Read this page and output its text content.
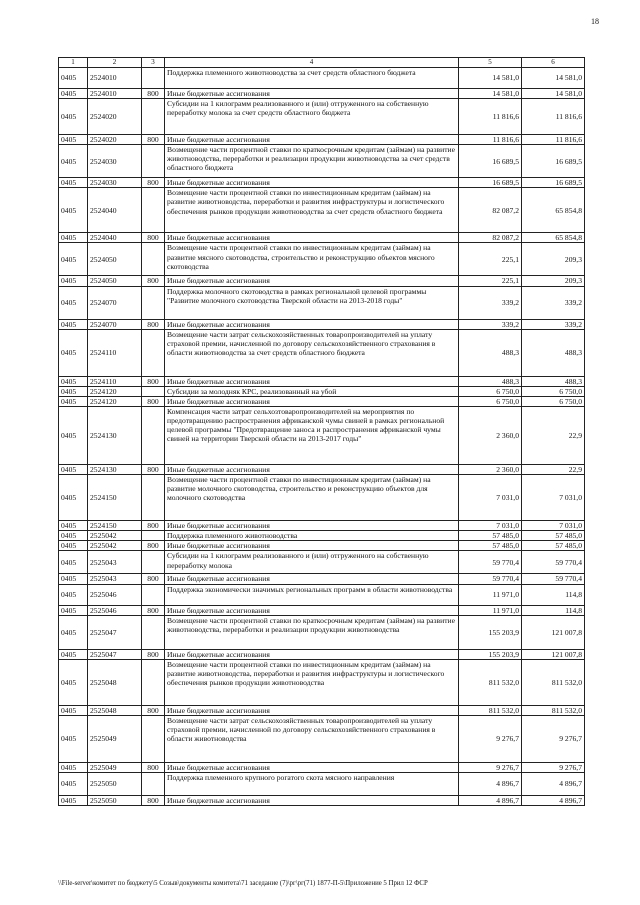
18
1	2	3	4	5	6
0405	2524010		Поддержка племенного животноводства за счет средств областного бюджета	14 581,0	14 581,0
0405	2524010	800	Иные бюджетные ассигнования	14 581,0	14 581,0
0405	2524020		Субсидии на 1 килограмм реализованного и (или) отгруженного на собственную переработку молока за счет средств областного бюджета	11 816,6	11 816,6
0405	2524020	800	Иные бюджетные ассигнования	11 816,6	11 816,6
0405	2524030		Возмещение части процентной ставки по краткосрочным кредитам (займам) на развитие животноводства, переработки и реализации продукции животноводства за счет средств областного бюджета	16 689,5	16 689,5
0405	2524030	800	Иные бюджетные ассигнования	16 689,5	16 689,5
0405	2524040		Возмещение части процентной ставки по инвестиционным кредитам (займам) на развитие животноводства, переработки и развития инфраструктуры и логистического обеспечения рынков продукции животноводства за счет средств областного бюджета	82 087,2	65 854,8
0405	2524040	800	Иные бюджетные ассигнования	82 087,2	65 854,8
0405	2524050		Возмещение части процентной ставки по инвестиционным кредитам (займам) на развитие мясного скотоводства, строительство и реконструкцию объектов мясного скотоводства	225,1	209,3
0405	2524050	800	Иные бюджетные ассигнования	225,1	209,3
0405	2524070		Поддержка молочного скотоводства в рамках региональной целевой программы "Развитие молочного скотоводства Тверской области на 2013-2018 годы"	339,2	339,2
0405	2524070	800	Иные бюджетные ассигнования	339,2	339,2
0405	2524110		Возмещение части затрат сельскохозяйственных товаропроизводителей на уплату страховой премии, начисленной по договору сельскохозяйственного страхования в области животноводства за счет средств областного бюджета	488,3	488,3
0405	2524110	800	Иные бюджетные ассигнования	488,3	488,3
0405	2524120		Субсидии за молодняк КРС, реализованный на убой	6 750,0	6 750,0
0405	2524120	800	Иные бюджетные ассигнования	6 750,0	6 750,0
0405	2524130		Компенсация части затрат сельхозтоваропроизводителей на мероприятия по предотвращению распространения африканской чумы свиней в рамках региональной целевой программы "Предотвращение заноса и распространения африканской чумы свиней на территории Тверской области на 2013-2017 годы"	2 360,0	22,9
0405	2524130	800	Иные бюджетные ассигнования	2 360,0	22,9
0405	2524150		Возмещение части процентной ставки по инвестиционным кредитам (займам) на развитие молочного скотоводства, строительство и реконструкцию объектов для молочного скотоводства	7 031,0	7 031,0
0405	2524150	800	Иные бюджетные ассигнования	7 031,0	7 031,0
0405	2525042		Поддержка племенного животноводства	57 485,0	57 485,0
0405	2525042	800	Иные бюджетные ассигнования	57 485,0	57 485,0
0405	2525043		Субсидии на 1 килограмм реализованного и (или) отгруженного на собственную переработку молока	59 770,4	59 770,4
0405	2525043	800	Иные бюджетные ассигнования	59 770,4	59 770,4
0405	2525046		Поддержка экономически значимых региональных программ в области животноводства	11 971,0	114,8
0405	2525046	800	Иные бюджетные ассигнования	11 971,0	114,8
0405	2525047		Возмещение части процентной ставки по краткосрочным кредитам (займам) на развитие животноводства, переработки и реализации продукции животноводства	155 203,9	121 007,8
0405	2525047	800	Иные бюджетные ассигнования	155 203,9	121 007,8
0405	2525048		Возмещение части процентной ставки по инвестиционным кредитам (займам) на развитие животноводства, переработки и развития инфраструктуры и логистического обеспечения рынков продукции животноводства	811 532,0	811 532,0
0405	2525048	800	Иные бюджетные ассигнования	811 532,0	811 532,0
0405	2525049		Возмещение части затрат сельскохозяйственных товаропроизводителей на уплату страховой премии, начисленной по договору сельскохозяйственного страхования в области животноводства	9 276,7	9 276,7
0405	2525049	800	Иные бюджетные ассигнования	9 276,7	9 276,7
0405	2525050		Поддержка племенного крупного рогатого скота мясного направления	4 896,7	4 896,7
0405	2525050	800	Иные бюджетные ассигнования	4 896,7	4 896,7
\\File-server\комитет по бюджету\5 Созыв\документы комитета\71 заседание (7)\рг\рг(71) 1877-П-5\Приложение 5 Прил 12 ФСР
